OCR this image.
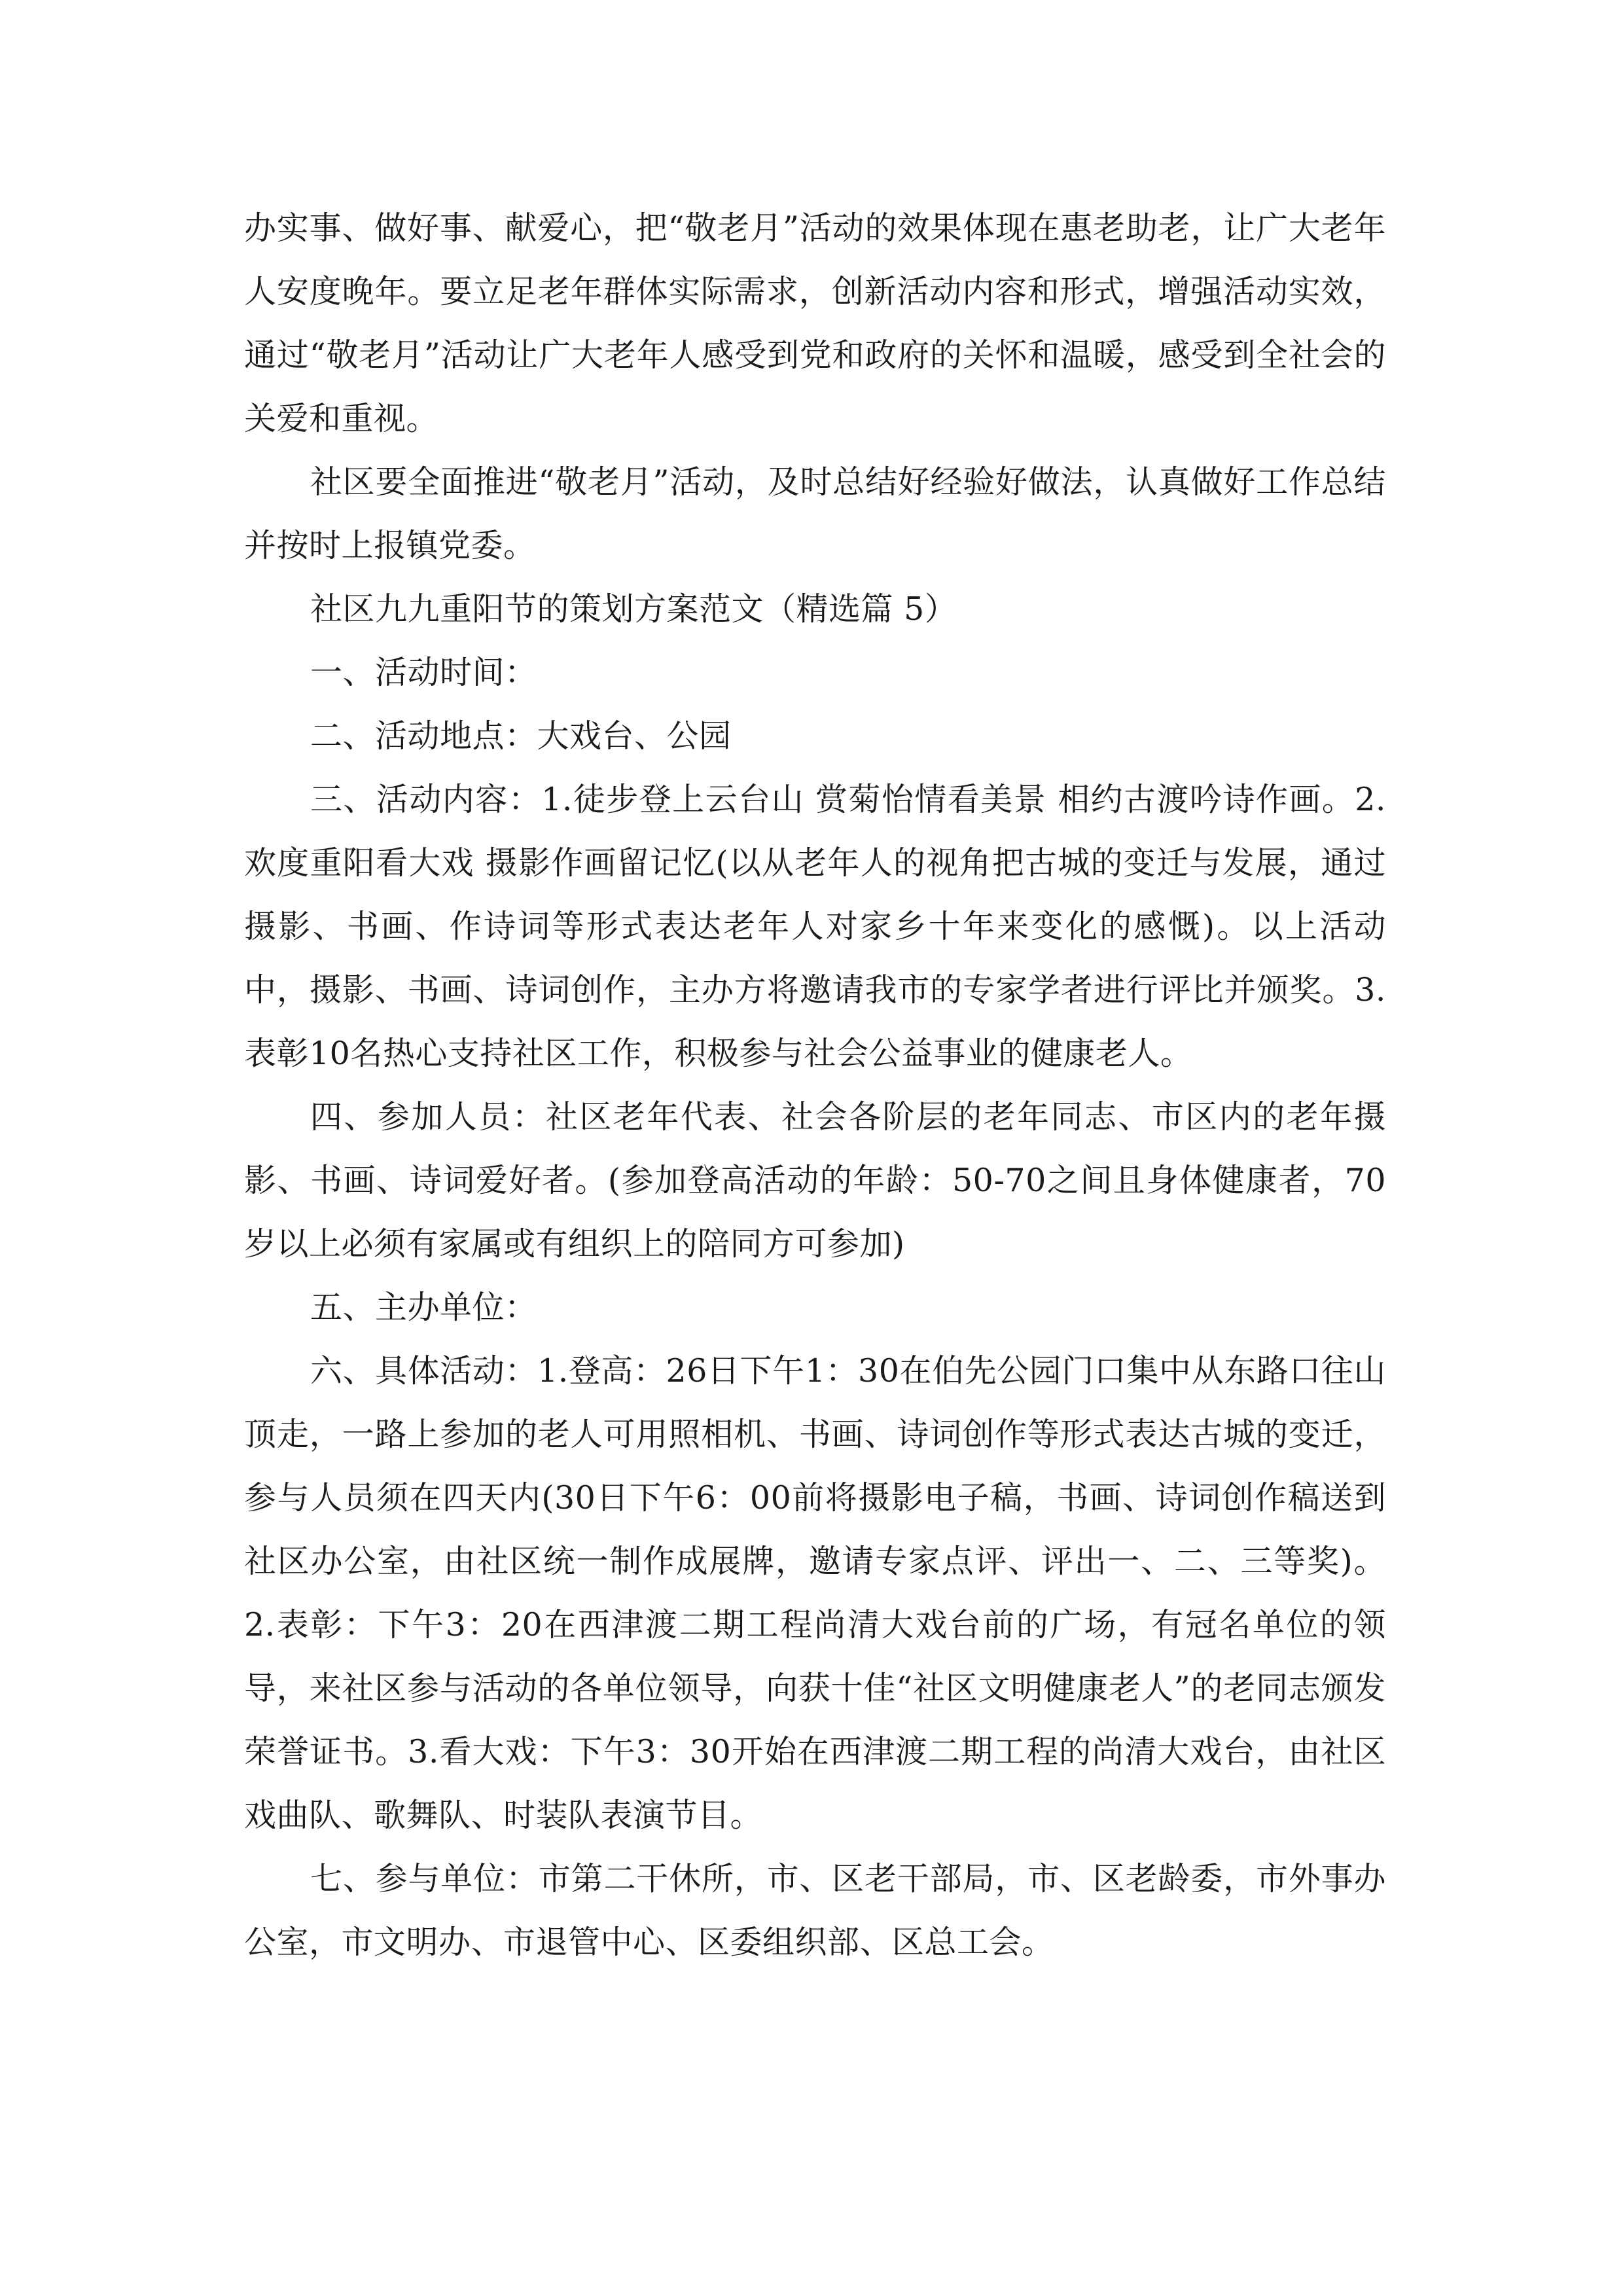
办实事、做好事、献爱心，把“敬老月”活动的效果体现在惠老助老，让广大老年人安度晚年。要立足老年群体实际需求，创新活动内容和形式，增强活动实效，通过“敬老月”活动让广大老年人感受到党和政府的关怀和温暖，感受到全社会的关爱和重视。

社区要全面推进“敬老月”活动，及时总结好经验好做法，认真做好工作总结并按时上报镇党委。

社区九九重阳节的策划方案范文（精选篇 5）

一、活动时间：

二、活动地点：大戏台、公园

三、活动内容：1.徒步登上云台山 赏菊怡情看美景 相约古渡吟诗作画。2.欢度重阳看大戏 摄影作画留记忆(以从老年人的视角把古城的变迁与发展，通过摄影、书画、作诗词等形式表达老年人对家乡十年来变化的感慨)。以上活动中，摄影、书画、诗词创作，主办方将邀请我市的专家学者进行评比并颁奖。3.表彰10名热心支持社区工作，积极参与社会公益事业的健康老人。

四、参加人员：社区老年代表、社会各阶层的老年同志、市区内的老年摄影、书画、诗词爱好者。(参加登高活动的年龄：50-70之间且身体健康者，70岁以上必须有家属或有组织上的陪同方可参加)

五、主办单位：

六、具体活动：1.登高：26日下午1：30在伯先公园门口集中从东路口往山顶走，一路上参加的老人可用照相机、书画、诗词创作等形式表达古城的变迁，参与人员须在四天内(30日下午6：00前将摄影电子稿，书画、诗词创作稿送到社区办公室，由社区统一制作成展牌，邀请专家点评、评出一、二、三等奖)。2.表彰：下午3：20在西津渡二期工程尚清大戏台前的广场，有冠名单位的领导，来社区参与活动的各单位领导，向获十佳“社区文明健康老人”的老同志颁发荣誉证书。3.看大戏：下午3：30开始在西津渡二期工程的尚清大戏台，由社区戏曲队、歌舞队、时装队表演节目。

七、参与单位：市第二干休所，市、区老干部局，市、区老龄委，市外事办公室，市文明办、市退管中心、区委组织部、区总工会。
